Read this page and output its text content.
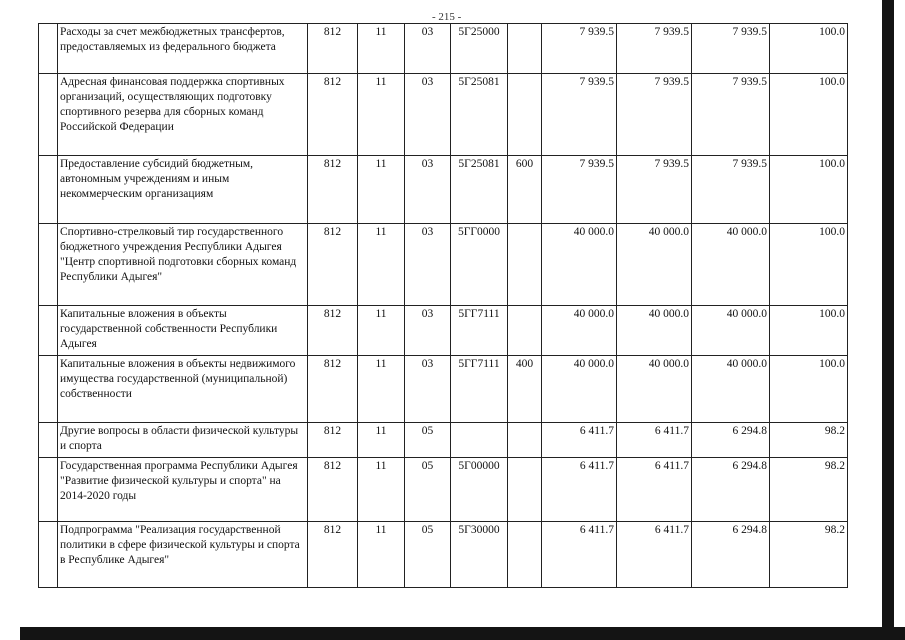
- 215 -
	Расходы за счет межбюджетных трансфертов, предоставляемых из федерального бюджета	812	11	03	5Г25000		7 939.5	7 939.5	7 939.5	100.0
	Адресная финансовая поддержка спортивных организаций, осуществляющих подготовку спортивного резерва для сборных команд Российской Федерации	812	11	03	5Г25081		7 939.5	7 939.5	7 939.5	100.0
	Предоставление субсидий бюджетным, автономным учреждениям и иным некоммерческим организациям	812	11	03	5Г25081	600	7 939.5	7 939.5	7 939.5	100.0
	Спортивно-стрелковый тир государственного бюджетного учреждения Республики Адыгея "Центр спортивной подготовки сборных команд Республики Адыгея"	812	11	03	5ГГ0000		40 000.0	40 000.0	40 000.0	100.0
	Капитальные вложения в объекты государственной собственности Республики Адыгея	812	11	03	5ГГ7111		40 000.0	40 000.0	40 000.0	100.0
	Капитальные вложения в объекты недвижимого имущества государственной (муниципальной) собственности	812	11	03	5ГГ7111	400	40 000.0	40 000.0	40 000.0	100.0
	Другие вопросы в области физической культуры и спорта	812	11	05			6 411.7	6 411.7	6 294.8	98.2
	Государственная программа Республики Адыгея "Развитие физической культуры и спорта" на 2014-2020 годы	812	11	05	5Г00000		6 411.7	6 411.7	6 294.8	98.2
	Подпрограмма "Реализация государственной политики в сфере физической культуры и спорта в Республике Адыгея"	812	11	05	5Г30000		6 411.7	6 411.7	6 294.8	98.2
